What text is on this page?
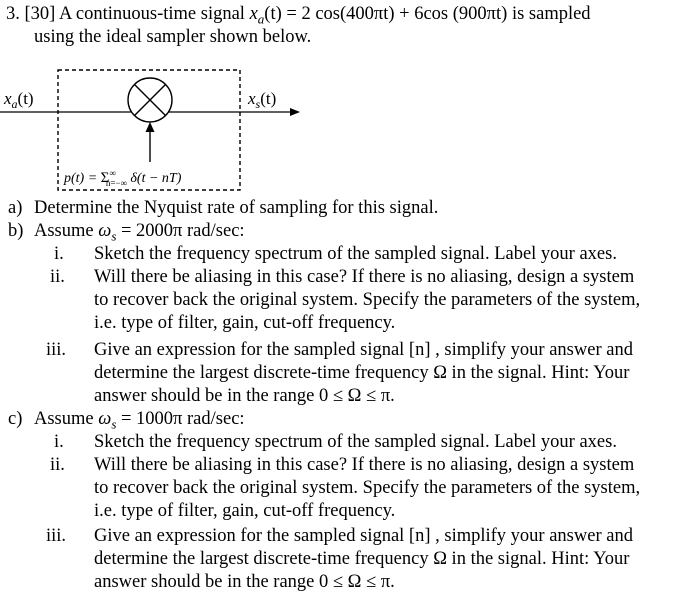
3. [30] A continuous-time signal $x_a(t) = 2$ cos(400πt) + 6cos (900πt) is sampled
using the ideal sampler shown below.
$x_a(t)$	$x_s(t)$
p(t) = Σ∞ n=−∞ δ(t − nT)
a) Determine the Nyquist rate of sampling for this signal.
b) Assume $\omega_s = 2000\pi$ rad/sec:
i. Sketch the frequency spectrum of the sampled signal. Label your axes.
ii. Will there be aliasing in this case? If there is no aliasing, design a system
to recover back the original system. Specify the parameters of the system,
i.e. type of filter, gain, cut-off frequency.
iii. Give an expression for the sampled signal [n] , simplify your answer and
determine the largest discrete-time frequency Ω in the signal. Hint: Your
answer should be in the range 0 ≤ Ω ≤ π.
c) Assume $\omega_s = 1000\pi$ rad/sec:
i. Sketch the frequency spectrum of the sampled signal. Label your axes.
ii. Will there be aliasing in this case? If there is no aliasing, design a system
to recover back the original system. Specify the parameters of the system,
i.e. type of filter, gain, cut-off frequency.
iii. Give an expression for the sampled signal [n] , simplify your answer and
determine the largest discrete-time frequency Ω in the signal. Hint: Your
answer should be in the range 0 ≤ Ω ≤ π.
